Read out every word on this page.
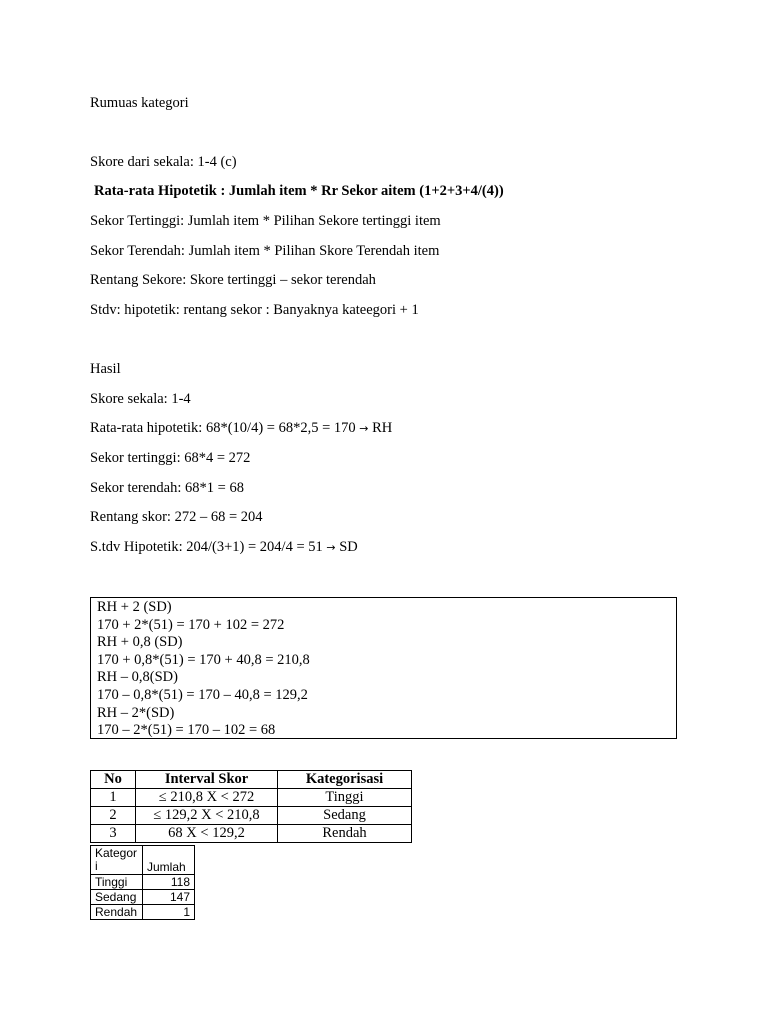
Rumuas kategori
Skore dari sekala: 1-4 (c)
Rata-rata Hipotetik : Jumlah item * Rr Sekor aitem (1+2+3+4/(4))
Sekor Tertinggi: Jumlah item * Pilihan Sekore tertinggi item
Sekor Terendah: Jumlah item * Pilihan Skore Terendah item
Rentang Sekore: Skore tertinggi – sekor terendah
Stdv: hipotetik: rentang sekor : Banyaknya kateegori + 1
Hasil
Skore sekala: 1-4
Rata-rata hipotetik: 68*(10/4) = 68*2,5 = 170 → RH
Sekor tertinggi: 68*4 = 272
Sekor terendah: 68*1 = 68
Rentang skor: 272 – 68 = 204
S.tdv Hipotetik: 204/(3+1) = 204/4 = 51 → SD
RH + 2 (SD)
170 + 2*(51) = 170 + 102 = 272
RH + 0,8 (SD)
170 + 0,8*(51) = 170 + 40,8 = 210,8
RH – 0,8(SD)
170 – 0,8*(51) = 170 – 40,8 = 129,2
RH – 2*(SD)
170 – 2*(51) = 170 – 102 = 68
No	Interval Skor	Kategorisasi
1	≤ 210,8 X < 272	Tinggi
2	≤ 129,2 X < 210,8	Sedang
3	68 X < 129,2	Rendah
Kategor
i	Jumlah
Tinggi	118
Sedang	147
Rendah	1
